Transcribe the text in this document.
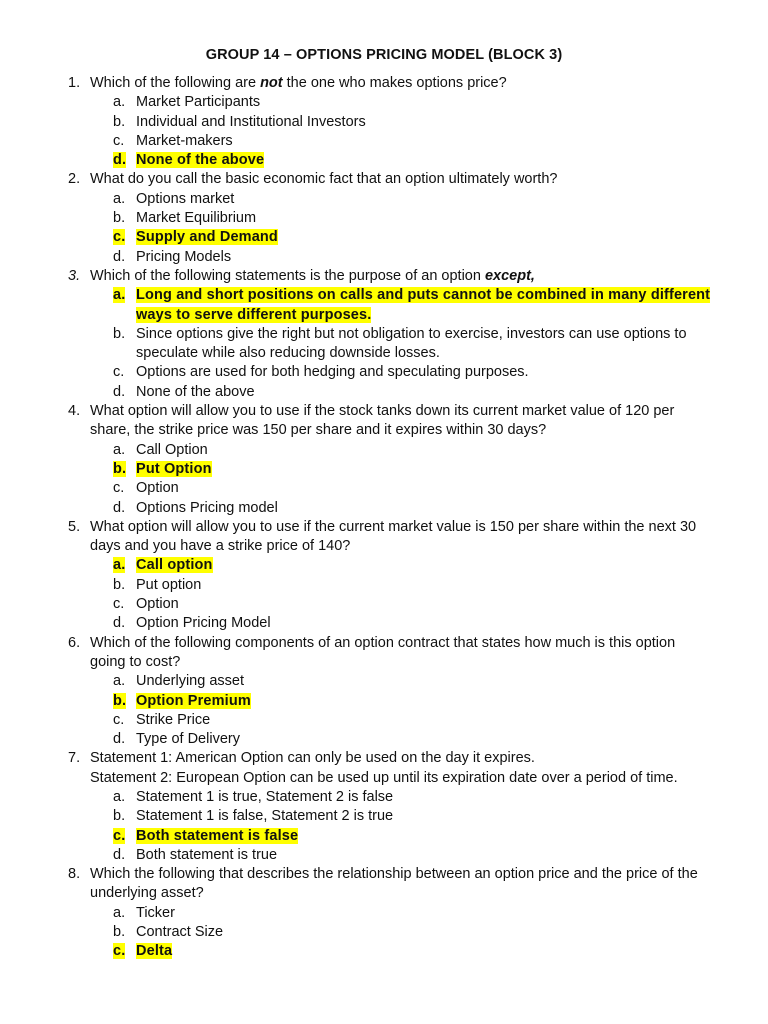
GROUP 14 – OPTIONS PRICING MODEL (BLOCK 3)
1. Which of the following are not the one who makes options price?
a. Market Participants
b. Individual and Institutional Investors
c. Market-makers
d. None of the above
2. What do you call the basic economic fact that an option ultimately worth?
a. Options market
b. Market Equilibrium
c. Supply and Demand
d. Pricing Models
3. Which of the following statements is the purpose of an option except,
a. Long and short positions on calls and puts cannot be combined in many different
ways to serve different purposes.
b. Since options give the right but not obligation to exercise, investors can use options to
speculate while also reducing downside losses.
c. Options are used for both hedging and speculating purposes.
d. None of the above
4. What option will allow you to use if the stock tanks down its current market value of 120 per
share, the strike price was 150 per share and it expires within 30 days?
a. Call Option
b. Put Option
c. Option
d. Options Pricing model
5. What option will allow you to use if the current market value is 150 per share within the next 30
days and you have a strike price of 140?
a. Call option
b. Put option
c. Option
d. Option Pricing Model
6. Which of the following components of an option contract that states how much is this option
going to cost?
a. Underlying asset
b. Option Premium
c. Strike Price
d. Type of Delivery
7. Statement 1: American Option can only be used on the day it expires.
Statement 2: European Option can be used up until its expiration date over a period of time.
a. Statement 1 is true, Statement 2 is false
b. Statement 1 is false, Statement 2 is true
c. Both statement is false
d. Both statement is true
8. Which the following that describes the relationship between an option price and the price of the
underlying asset?
a. Ticker
b. Contract Size
c. Delta
